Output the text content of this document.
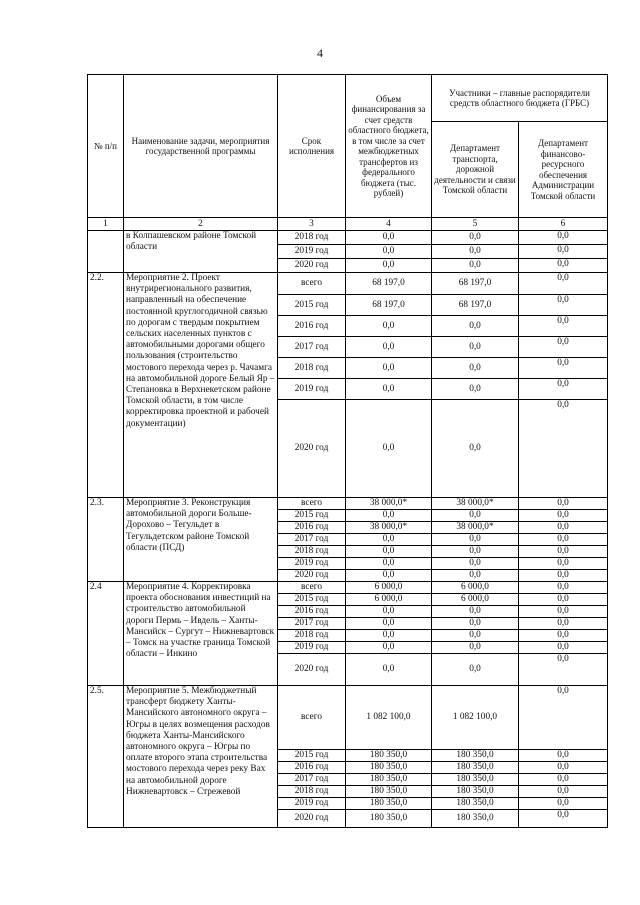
4
№ п/п	Наименование задачи, мероприятия государственной программы	Срок исполнения	Объем финансирования за счет средств областного бюджета, в том числе за счет межбюджетных трансфертов из федерального бюджета (тыс. рублей)	Участники – главные распорядители средств областного бюджета (ГРБС)	
				Департамент транспорта, дорожной деятельности и связи Томской области	Департамент финансово-ресурсного обеспечения Администрации Томской области
1	2	3	4	5	6
	в Колпашевском районе Томской области	2018 год	0,0	0,0	0,0
		2019 год	0,0	0,0	0,0
		2020 год	0,0	0,0	0,0
2.2.	Мероприятие 2. Проект внутрирегионального развития, направленный на обеспечение постоянной круглогодичной связью по дорогам с твердым покрытием сельских населенных пунктов с автомобильными дорогами общего пользования (строительство мостового перехода через р. Чачамга на автомобильной дороге Белый Яр – Степановка в Верхнекетском районе Томской области, в том числе корректировка проектной и рабочей документации)	всего	68 197,0	68 197,0	0,0
		2015 год	68 197,0	68 197,0	0,0
		2016 год	0,0	0,0	0,0
		2017 год	0,0	0,0	0,0
		2018 год	0,0	0,0	0,0
		2019 год	0,0	0,0	0,0
		2020 год	0,0	0,0	0,0
2.3.	Мероприятие 3. Реконструкция автомобильной дороги Больше-Дорохово – Тегульдет в Тегульдетском районе Томской области (ПСД)	всего	38 000,0*	38 000,0*	0,0
		2015 год	0,0	0,0	0,0
		2016 год	38 000,0*	38 000,0*	0,0
		2017 год	0,0	0,0	0,0
		2018 год	0,0	0,0	0,0
		2019 год	0,0	0,0	0,0
		2020 год	0,0	0,0	0,0
2.4	Мероприятие 4. Корректировка проекта обоснования инвестиций на строительство автомобильной дороги Пермь – Ивдель – Ханты-Мансийск – Сургут – Нижневартовск – Томск на участке граница Томской области – Инкино	всего	6 000,0	6 000,0	0,0
		2015 год	6 000,0	6 000,0	0,0
		2016 год	0,0	0,0	0,0
		2017 год	0,0	0,0	0,0
		2018 год	0,0	0,0	0,0
		2019 год	0,0	0,0	0,0
		2020 год	0,0	0,0	0,0
2.5.	Мероприятие 5. Межбюджетный трансферт бюджету Ханты-Мансийского автономного округа – Югры в целях возмещения расходов бюджета Ханты-Мансийского автономного округа – Югры по оплате второго этапа строительства мостового перехода через реку Вах на автомобильной дороге Нижневартовск – Стрежевой	всего	1 082 100,0	1 082 100,0	0,0
		2015 год	180 350,0	180 350,0	0,0
		2016 год	180 350,0	180 350,0	0,0
		2017 год	180 350,0	180 350,0	0,0
		2018 год	180 350,0	180 350,0	0,0
		2019 год	180 350,0	180 350,0	0,0
		2020 год	180 350,0	180 350,0	0,0
